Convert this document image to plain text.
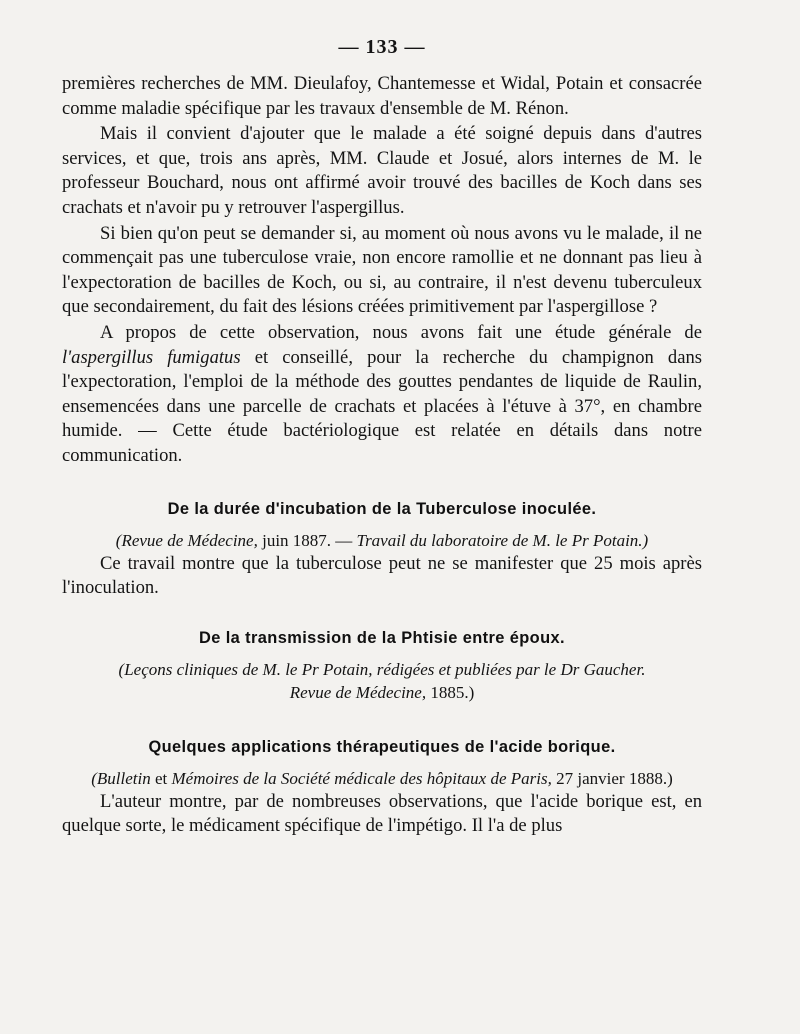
— 133 —

premières recherches de MM. Dieulafoy, Chantemesse et Widal, Potain et consacrée comme maladie spécifique par les travaux d'ensemble de M. Rénon.

Mais il convient d'ajouter que le malade a été soigné depuis dans d'autres services, et que, trois ans après, MM. Claude et Josué, alors internes de M. le professeur Bouchard, nous ont affirmé avoir trouvé des bacilles de Koch dans ses crachats et n'avoir pu y retrouver l'aspergillus.

Si bien qu'on peut se demander si, au moment où nous avons vu le malade, il ne commençait pas une tuberculose vraie, non encore ramollie et ne donnant pas lieu à l'expectoration de bacilles de Koch, ou si, au contraire, il n'est devenu tuberculeux que secondairement, du fait des lésions créées primitivement par l'aspergillose ?

A propos de cette observation, nous avons fait une étude générale de l'aspergillus fumigatus et conseillé, pour la recherche du champignon dans l'expectoration, l'emploi de la méthode des gouttes pendantes de liquide de Raulin, ensemencées dans une parcelle de crachats et placées à l'étuve à 37°, en chambre humide. — Cette étude bactériologique est relatée en détails dans notre communication.

De la durée d'incubation de la Tuberculose inoculée.

(Revue de Médecine, juin 1887. — Travail du laboratoire de M. le Pr Potain.)

Ce travail montre que la tuberculose peut ne se manifester que 25 mois après l'inoculation.

De la transmission de la Phtisie entre époux.

(Leçons cliniques de M. le Pr Potain, rédigées et publiées par le Dr Gaucher.
Revue de Médecine, 1885.)

Quelques applications thérapeutiques de l'acide borique.

(Bulletin et Mémoires de la Société médicale des hôpitaux de Paris, 27 janvier 1888.)

L'auteur montre, par de nombreuses observations, que l'acide borique est, en quelque sorte, le médicament spécifique de l'impétigo. Il l'a de plus
